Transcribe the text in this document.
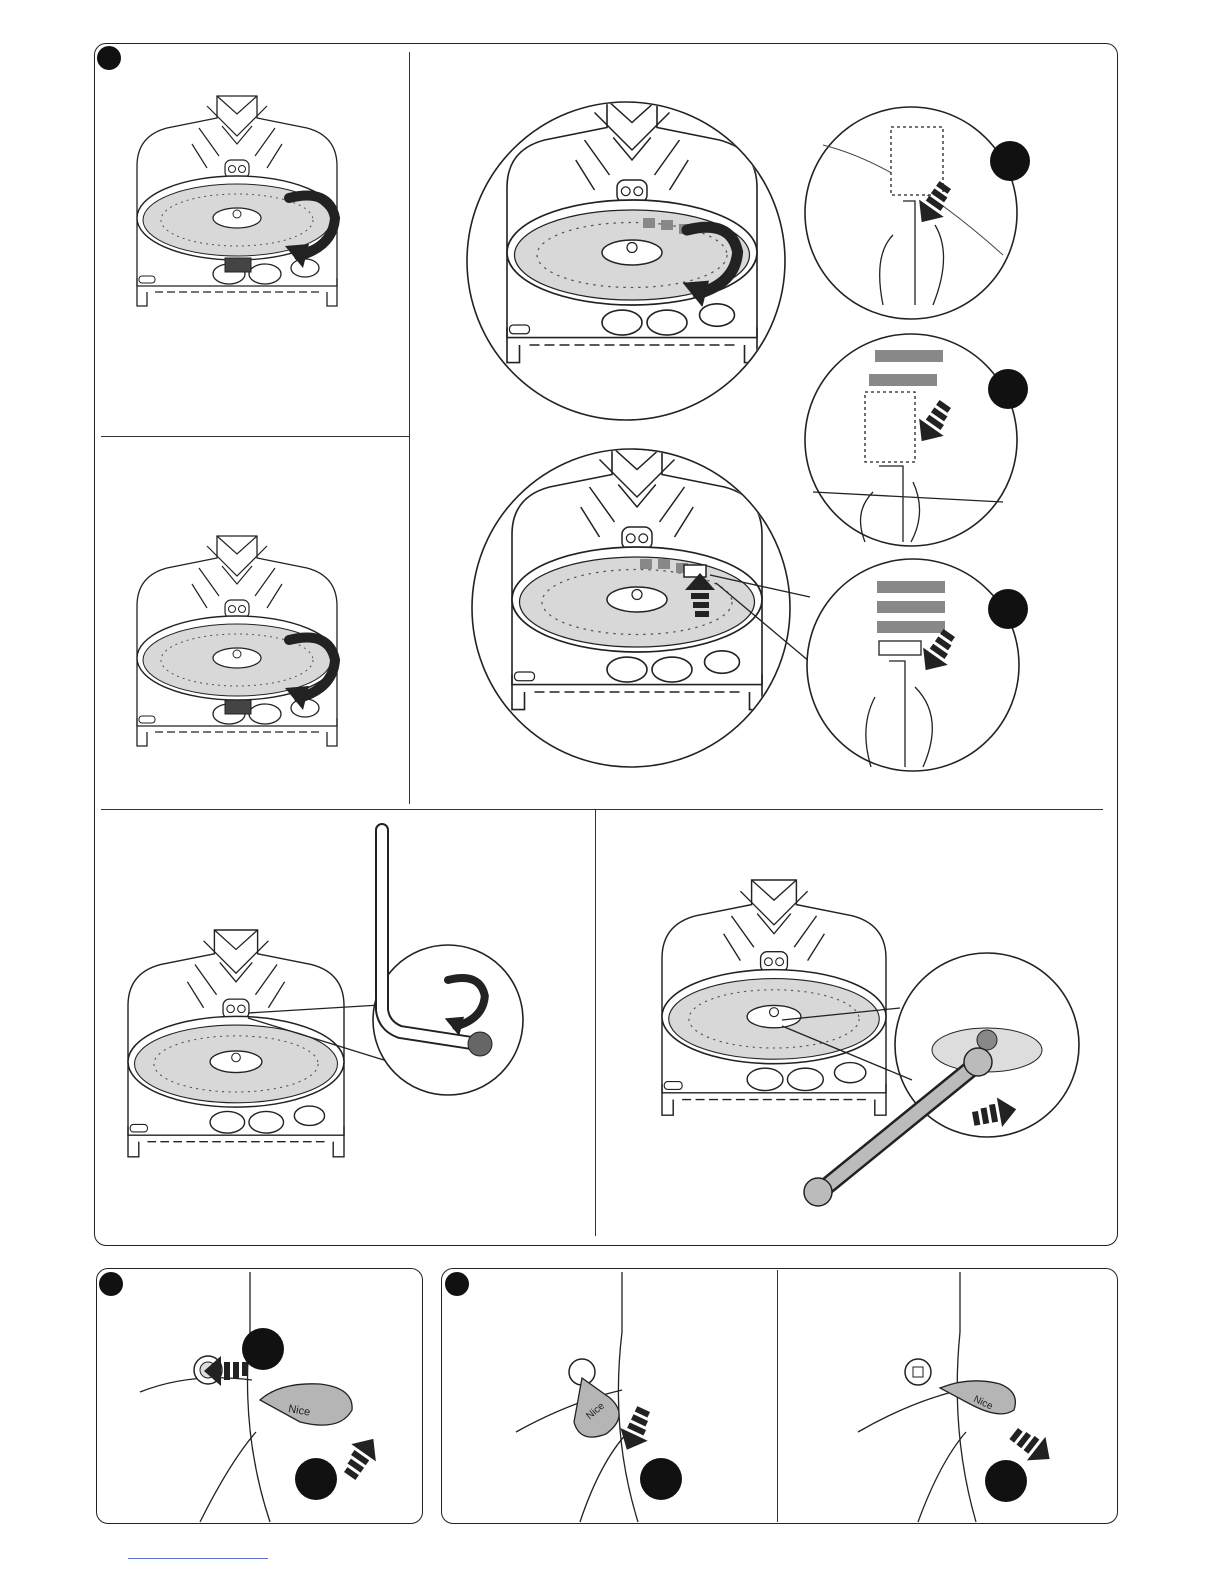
Nice	Nice	Nice
